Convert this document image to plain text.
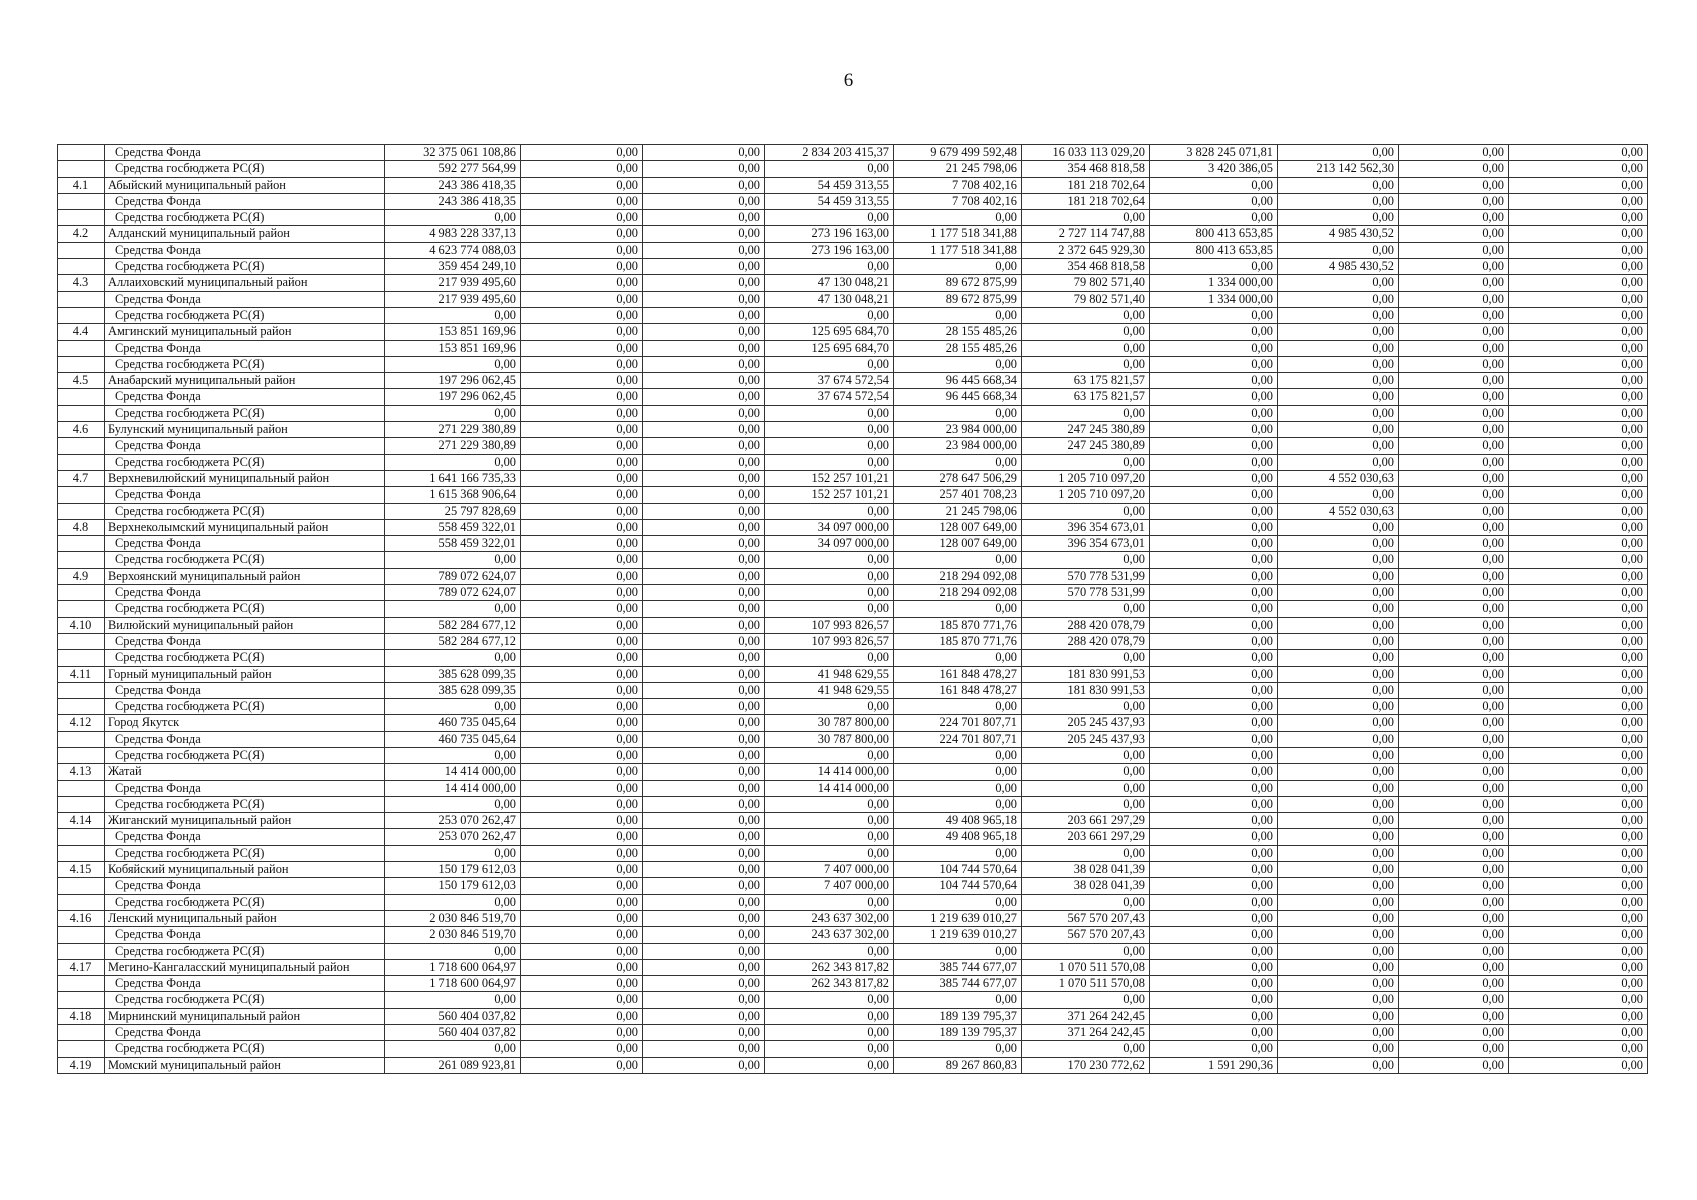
6
	Средства Фонда	32 375 061 108,86	0,00	0,00	2 834 203 415,37	9 679 499 592,48	16 033 113 029,20	3 828 245 071,81	0,00	0,00	0,00
	Средства госбюджета РС(Я)	592 277 564,99	0,00	0,00	0,00	21 245 798,06	354 468 818,58	3 420 386,05	213 142 562,30	0,00	0,00
4.1	Абыйский муниципальный район	243 386 418,35	0,00	0,00	54 459 313,55	7 708 402,16	181 218 702,64	0,00	0,00	0,00	0,00
	Средства Фонда	243 386 418,35	0,00	0,00	54 459 313,55	7 708 402,16	181 218 702,64	0,00	0,00	0,00	0,00
	Средства госбюджета РС(Я)	0,00	0,00	0,00	0,00	0,00	0,00	0,00	0,00	0,00	0,00
4.2	Алданский муниципальный район	4 983 228 337,13	0,00	0,00	273 196 163,00	1 177 518 341,88	2 727 114 747,88	800 413 653,85	4 985 430,52	0,00	0,00
	Средства Фонда	4 623 774 088,03	0,00	0,00	273 196 163,00	1 177 518 341,88	2 372 645 929,30	800 413 653,85	0,00	0,00	0,00
	Средства госбюджета РС(Я)	359 454 249,10	0,00	0,00	0,00	0,00	354 468 818,58	0,00	4 985 430,52	0,00	0,00
4.3	Аллаиховский муниципальный район	217 939 495,60	0,00	0,00	47 130 048,21	89 672 875,99	79 802 571,40	1 334 000,00	0,00	0,00	0,00
	Средства Фонда	217 939 495,60	0,00	0,00	47 130 048,21	89 672 875,99	79 802 571,40	1 334 000,00	0,00	0,00	0,00
	Средства госбюджета РС(Я)	0,00	0,00	0,00	0,00	0,00	0,00	0,00	0,00	0,00	0,00
4.4	Амгинский муниципальный район	153 851 169,96	0,00	0,00	125 695 684,70	28 155 485,26	0,00	0,00	0,00	0,00	0,00
	Средства Фонда	153 851 169,96	0,00	0,00	125 695 684,70	28 155 485,26	0,00	0,00	0,00	0,00	0,00
	Средства госбюджета РС(Я)	0,00	0,00	0,00	0,00	0,00	0,00	0,00	0,00	0,00	0,00
4.5	Анабарский муниципальный район	197 296 062,45	0,00	0,00	37 674 572,54	96 445 668,34	63 175 821,57	0,00	0,00	0,00	0,00
	Средства Фонда	197 296 062,45	0,00	0,00	37 674 572,54	96 445 668,34	63 175 821,57	0,00	0,00	0,00	0,00
	Средства госбюджета РС(Я)	0,00	0,00	0,00	0,00	0,00	0,00	0,00	0,00	0,00	0,00
4.6	Булунский муниципальный район	271 229 380,89	0,00	0,00	0,00	23 984 000,00	247 245 380,89	0,00	0,00	0,00	0,00
	Средства Фонда	271 229 380,89	0,00	0,00	0,00	23 984 000,00	247 245 380,89	0,00	0,00	0,00	0,00
	Средства госбюджета РС(Я)	0,00	0,00	0,00	0,00	0,00	0,00	0,00	0,00	0,00	0,00
4.7	Верхневилюйский муниципальный район	1 641 166 735,33	0,00	0,00	152 257 101,21	278 647 506,29	1 205 710 097,20	0,00	4 552 030,63	0,00	0,00
	Средства Фонда	1 615 368 906,64	0,00	0,00	152 257 101,21	257 401 708,23	1 205 710 097,20	0,00	0,00	0,00	0,00
	Средства госбюджета РС(Я)	25 797 828,69	0,00	0,00	0,00	21 245 798,06	0,00	0,00	4 552 030,63	0,00	0,00
4.8	Верхнеколымский муниципальный район	558 459 322,01	0,00	0,00	34 097 000,00	128 007 649,00	396 354 673,01	0,00	0,00	0,00	0,00
	Средства Фонда	558 459 322,01	0,00	0,00	34 097 000,00	128 007 649,00	396 354 673,01	0,00	0,00	0,00	0,00
	Средства госбюджета РС(Я)	0,00	0,00	0,00	0,00	0,00	0,00	0,00	0,00	0,00	0,00
4.9	Верхоянский муниципальный район	789 072 624,07	0,00	0,00	0,00	218 294 092,08	570 778 531,99	0,00	0,00	0,00	0,00
	Средства Фонда	789 072 624,07	0,00	0,00	0,00	218 294 092,08	570 778 531,99	0,00	0,00	0,00	0,00
	Средства госбюджета РС(Я)	0,00	0,00	0,00	0,00	0,00	0,00	0,00	0,00	0,00	0,00
4.10	Вилюйский муниципальный район	582 284 677,12	0,00	0,00	107 993 826,57	185 870 771,76	288 420 078,79	0,00	0,00	0,00	0,00
	Средства Фонда	582 284 677,12	0,00	0,00	107 993 826,57	185 870 771,76	288 420 078,79	0,00	0,00	0,00	0,00
	Средства госбюджета РС(Я)	0,00	0,00	0,00	0,00	0,00	0,00	0,00	0,00	0,00	0,00
4.11	Горный муниципальный район	385 628 099,35	0,00	0,00	41 948 629,55	161 848 478,27	181 830 991,53	0,00	0,00	0,00	0,00
	Средства Фонда	385 628 099,35	0,00	0,00	41 948 629,55	161 848 478,27	181 830 991,53	0,00	0,00	0,00	0,00
	Средства госбюджета РС(Я)	0,00	0,00	0,00	0,00	0,00	0,00	0,00	0,00	0,00	0,00
4.12	Город Якутск	460 735 045,64	0,00	0,00	30 787 800,00	224 701 807,71	205 245 437,93	0,00	0,00	0,00	0,00
	Средства Фонда	460 735 045,64	0,00	0,00	30 787 800,00	224 701 807,71	205 245 437,93	0,00	0,00	0,00	0,00
	Средства госбюджета РС(Я)	0,00	0,00	0,00	0,00	0,00	0,00	0,00	0,00	0,00	0,00
4.13	Жатай	14 414 000,00	0,00	0,00	14 414 000,00	0,00	0,00	0,00	0,00	0,00	0,00
	Средства Фонда	14 414 000,00	0,00	0,00	14 414 000,00	0,00	0,00	0,00	0,00	0,00	0,00
	Средства госбюджета РС(Я)	0,00	0,00	0,00	0,00	0,00	0,00	0,00	0,00	0,00	0,00
4.14	Жиганский муниципальный район	253 070 262,47	0,00	0,00	0,00	49 408 965,18	203 661 297,29	0,00	0,00	0,00	0,00
	Средства Фонда	253 070 262,47	0,00	0,00	0,00	49 408 965,18	203 661 297,29	0,00	0,00	0,00	0,00
	Средства госбюджета РС(Я)	0,00	0,00	0,00	0,00	0,00	0,00	0,00	0,00	0,00	0,00
4.15	Кобяйский муниципальный район	150 179 612,03	0,00	0,00	7 407 000,00	104 744 570,64	38 028 041,39	0,00	0,00	0,00	0,00
	Средства Фонда	150 179 612,03	0,00	0,00	7 407 000,00	104 744 570,64	38 028 041,39	0,00	0,00	0,00	0,00
	Средства госбюджета РС(Я)	0,00	0,00	0,00	0,00	0,00	0,00	0,00	0,00	0,00	0,00
4.16	Ленский муниципальный район	2 030 846 519,70	0,00	0,00	243 637 302,00	1 219 639 010,27	567 570 207,43	0,00	0,00	0,00	0,00
	Средства Фонда	2 030 846 519,70	0,00	0,00	243 637 302,00	1 219 639 010,27	567 570 207,43	0,00	0,00	0,00	0,00
	Средства госбюджета РС(Я)	0,00	0,00	0,00	0,00	0,00	0,00	0,00	0,00	0,00	0,00
4.17	Мегино-Кангаласский муниципальный район	1 718 600 064,97	0,00	0,00	262 343 817,82	385 744 677,07	1 070 511 570,08	0,00	0,00	0,00	0,00
	Средства Фонда	1 718 600 064,97	0,00	0,00	262 343 817,82	385 744 677,07	1 070 511 570,08	0,00	0,00	0,00	0,00
	Средства госбюджета РС(Я)	0,00	0,00	0,00	0,00	0,00	0,00	0,00	0,00	0,00	0,00
4.18	Мирнинский муниципальный район	560 404 037,82	0,00	0,00	0,00	189 139 795,37	371 264 242,45	0,00	0,00	0,00	0,00
	Средства Фонда	560 404 037,82	0,00	0,00	0,00	189 139 795,37	371 264 242,45	0,00	0,00	0,00	0,00
	Средства госбюджета РС(Я)	0,00	0,00	0,00	0,00	0,00	0,00	0,00	0,00	0,00	0,00
4.19	Момский муниципальный район	261 089 923,81	0,00	0,00	0,00	89 267 860,83	170 230 772,62	1 591 290,36	0,00	0,00	0,00
